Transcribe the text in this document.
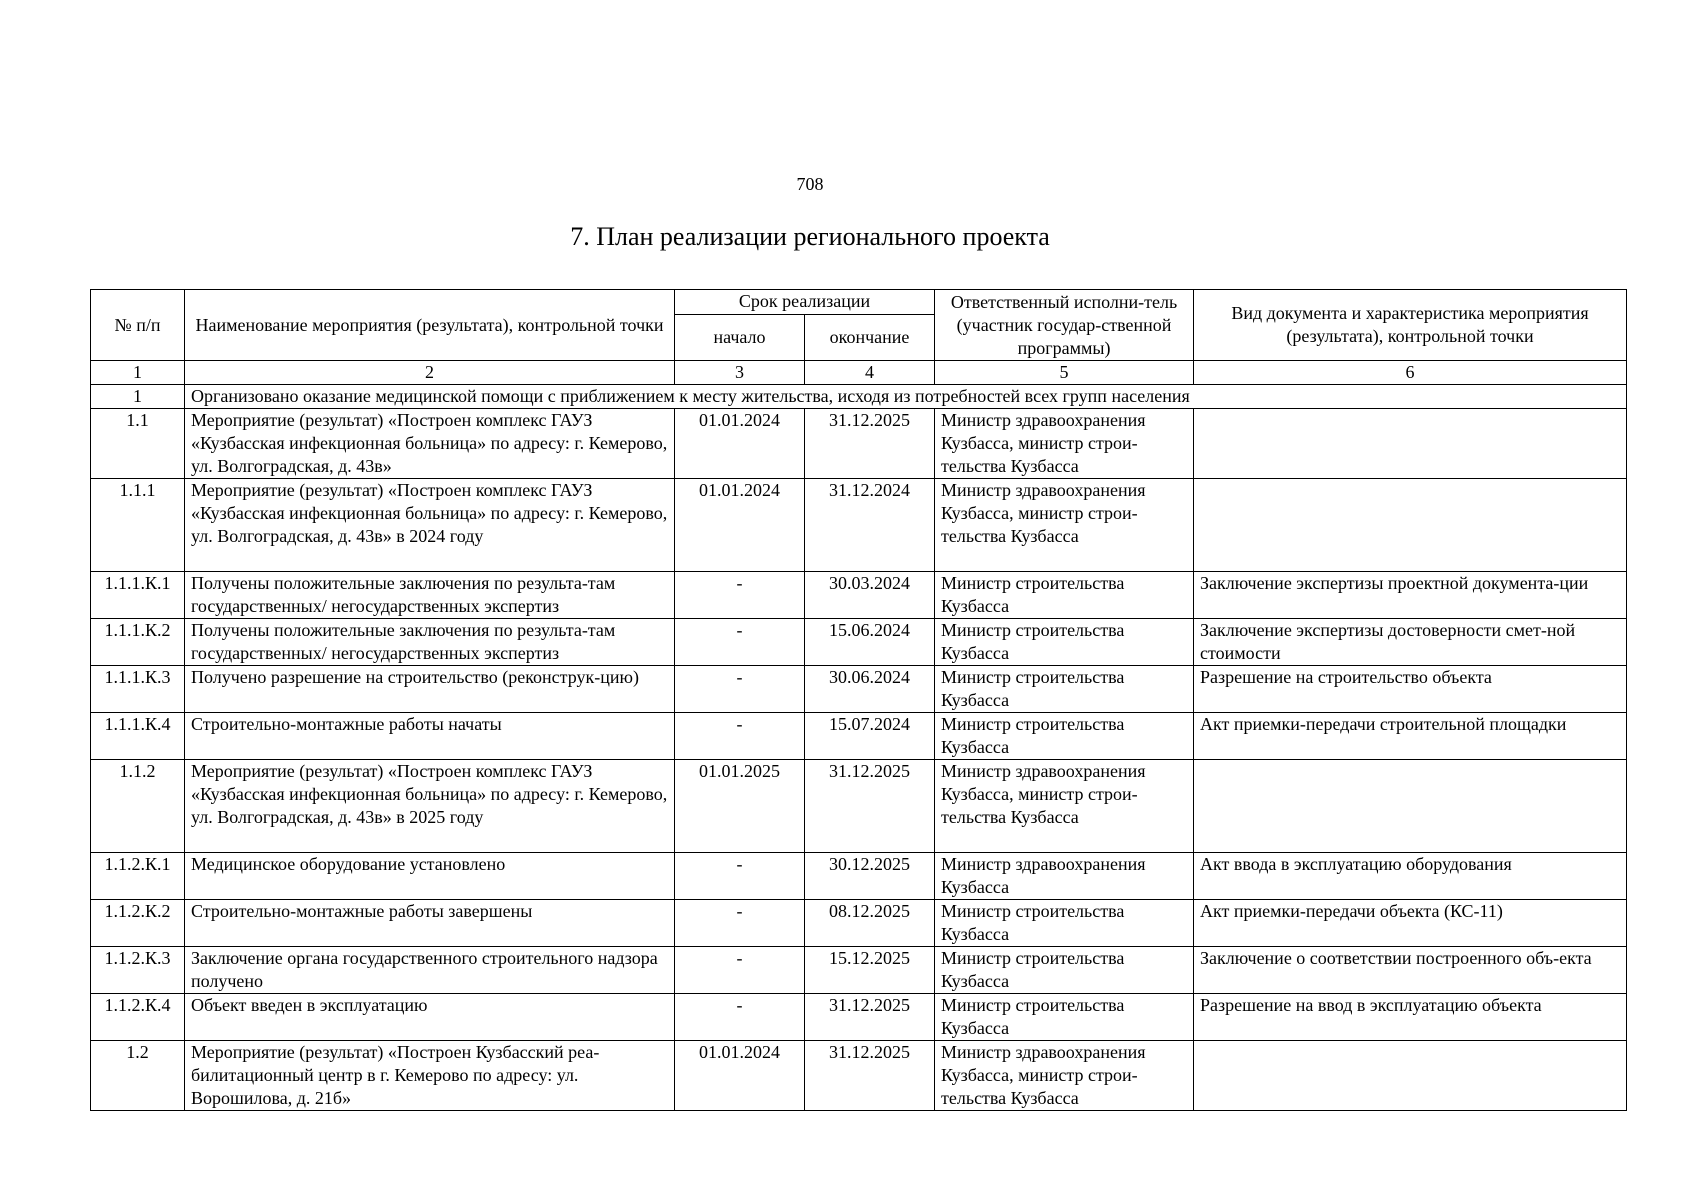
708
7. План реализации регионального проекта
№ п/п	Наименование мероприятия (результата), контрольной точки	Срок реализации		Ответственный исполни-тель (участник государ-ственной программы)	Вид документа и характеристика мероприятия (результата), контрольной точки
		начало	окончание		
1	2	3	4	5	6
1	Организовано оказание медицинской помощи с приближением к месту жительства, исходя из потребностей всех групп населения				
1.1	Мероприятие (результат) «Построен комплекс ГАУЗ «Кузбасская инфекционная больница» по адресу: г. Кемерово, ул. Волгоградская, д. 43в»	01.01.2024	31.12.2025	Министр здравоохранения Кузбасса, министр строи-тельства Кузбасса	
1.1.1	Мероприятие (результат) «Построен комплекс ГАУЗ «Кузбасская инфекционная больница» по адресу: г. Кемерово, ул. Волгоградская, д. 43в» в 2024 году	01.01.2024	31.12.2024	Министр здравоохранения Кузбасса, министр строи-тельства Кузбасса	
1.1.1.К.1	Получены положительные заключения по результа-там государственных/ негосударственных экспертиз	-	30.03.2024	Министр строительства Кузбасса	Заключение экспертизы проектной документа-ции
1.1.1.К.2	Получены положительные заключения по результа-там государственных/ негосударственных экспертиз	-	15.06.2024	Министр строительства Кузбасса	Заключение экспертизы достоверности смет-ной стоимости
1.1.1.К.3	Получено разрешение на строительство (реконструк-цию)	-	30.06.2024	Министр строительства Кузбасса	Разрешение на строительство объекта
1.1.1.К.4	Строительно-монтажные работы начаты	-	15.07.2024	Министр строительства Кузбасса	Акт приемки-передачи строительной площадки
1.1.2	Мероприятие (результат) «Построен комплекс ГАУЗ «Кузбасская инфекционная больница» по адресу: г. Кемерово, ул. Волгоградская, д. 43в» в 2025 году	01.01.2025	31.12.2025	Министр здравоохранения Кузбасса, министр строи-тельства Кузбасса	
1.1.2.К.1	Медицинское оборудование установлено	-	30.12.2025	Министр здравоохранения Кузбасса	Акт ввода в эксплуатацию оборудования
1.1.2.К.2	Строительно-монтажные работы завершены	-	08.12.2025	Министр строительства Кузбасса	Акт приемки-передачи объекта (КС-11)
1.1.2.К.3	Заключение органа государственного строительного надзора получено	-	15.12.2025	Министр строительства Кузбасса	Заключение о соответствии построенного объ-екта
1.1.2.К.4	Объект введен в эксплуатацию	-	31.12.2025	Министр строительства Кузбасса	Разрешение на ввод в эксплуатацию объекта
1.2	Мероприятие (результат) «Построен Кузбасский реа-билитационный центр в г. Кемерово по адресу: ул. Ворошилова, д. 21б»	01.01.2024	31.12.2025	Министр здравоохранения Кузбасса, министр строи-тельства Кузбасса	
